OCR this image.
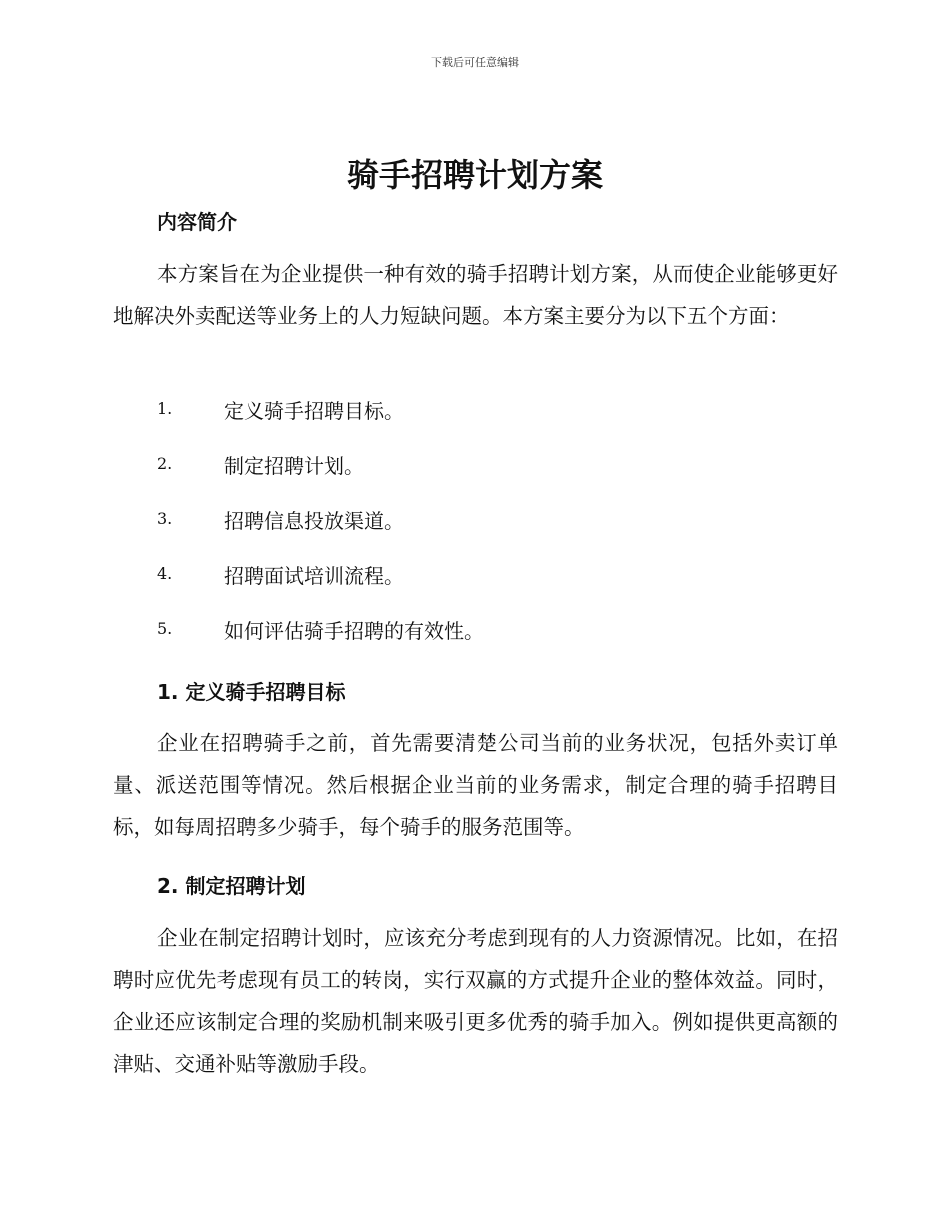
下载后可任意编辑
骑手招聘计划方案
内容简介

本方案旨在为企业提供一种有效的骑手招聘计划方案，从而使企业能够更好地解决外卖配送等业务上的人力短缺问题。本方案主要分为以下五个方面：

1.	定义骑手招聘目标。
2.	制定招聘计划。
3.	招聘信息投放渠道。
4.	招聘面试培训流程。
5.	如何评估骑手招聘的有效性。
1. 定义骑手招聘目标

企业在招聘骑手之前，首先需要清楚公司当前的业务状况，包括外卖订单量、派送范围等情况。然后根据企业当前的业务需求，制定合理的骑手招聘目标，如每周招聘多少骑手，每个骑手的服务范围等。

2. 制定招聘计划

企业在制定招聘计划时，应该充分考虑到现有的人力资源情况。比如，在招聘时应优先考虑现有员工的转岗，实行双赢的方式提升企业的整体效益。同时，企业还应该制定合理的奖励机制来吸引更多优秀的骑手加入。例如提供更高额的津贴、交通补贴等激励手段。
